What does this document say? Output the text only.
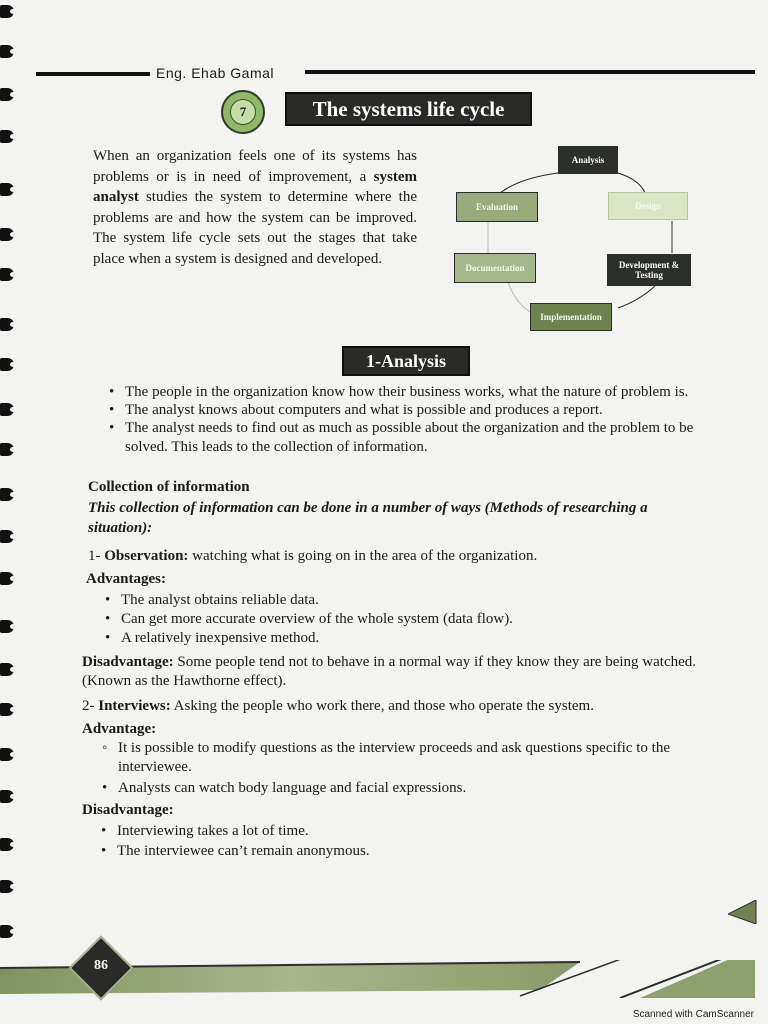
Eng. Ehab Gamal
7	The systems life cycle
When an organization feels one of its systems has problems or is in need of improvement, a system analyst studies the system to determine where the problems are and how the system can be improved. The system life cycle sets out the stages that take place when a system is designed and developed.
Analysis
Design
Development & Testing
Implementation
Documentation
Evaluation
1-Analysis
• The people in the organization know how their business works, what the nature of problem is.
• The analyst knows about computers and what is possible and produces a report.
• The analyst needs to find out as much as possible about the organization and the problem to be solved. This leads to the collection of information.
Collection of information
This collection of information can be done in a number of ways (Methods of researching a situation):
1- Observation: watching what is going on in the area of the organization.
Advantages:
• The analyst obtains reliable data.
• Can get more accurate overview of the whole system (data flow).
• A relatively inexpensive method.
Disadvantage: Some people tend not to behave in a normal way if they know they are being watched. (Known as the Hawthorne effect).
2- Interviews: Asking the people who work there, and those who operate the system.
Advantage:
◦ It is possible to modify questions as the interview proceeds and ask questions specific to the interviewee.
• Analysts can watch body language and facial expressions.
Disadvantage:
• Interviewing takes a lot of time.
• The interviewee can’t remain anonymous.
86
Scanned with CamScanner
